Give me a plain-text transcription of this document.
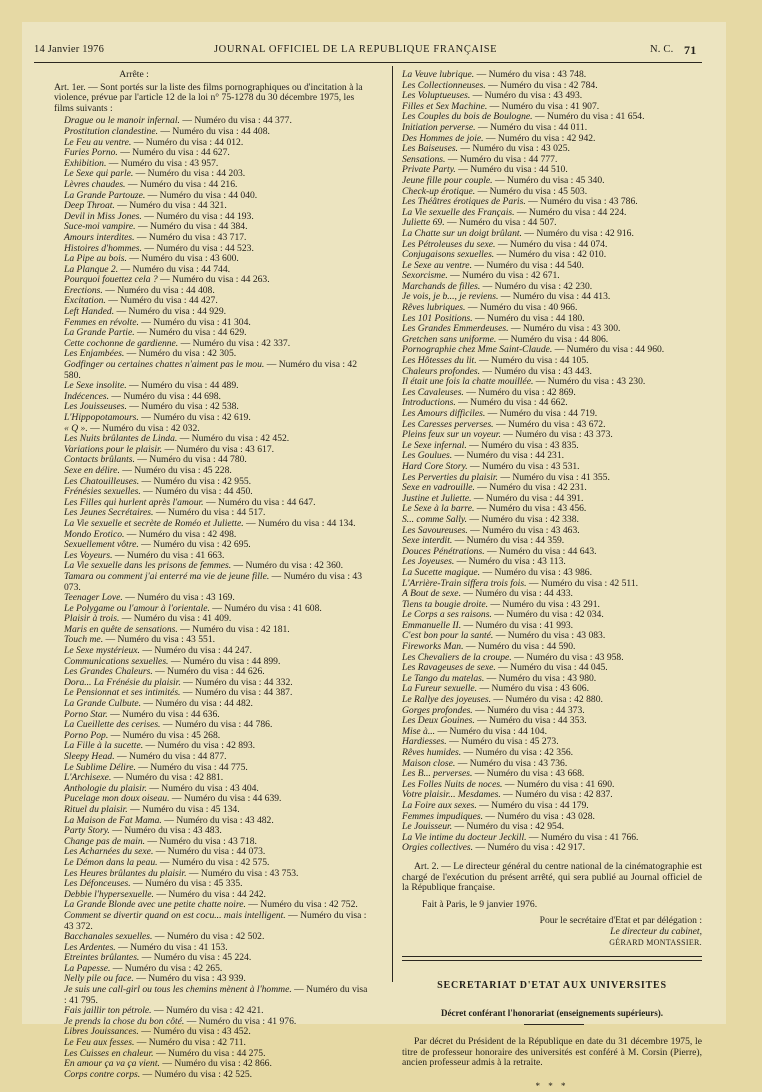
14 Janvier 1976	JOURNAL OFFICIEL DE LA REPUBLIQUE FRANÇAISE	N. C. 71
Arrête :
Art. 1er. — Sont portés sur la liste des films pornographiques ou d'incitation à la violence, prévue par l'article 12 de la loi n° 75-1278 du 30 décembre 1975, les films suivants :
Drague ou le manoir infernal. — Numéro du visa : 44 377.
Prostitution clandestine. — Numéro du visa : 44 408.
Le Feu au ventre. — Numéro du visa : 44 012.
Furies Porno. — Numéro du visa : 44 627.
Exhibition. — Numéro du visa : 43 957.
Le Sexe qui parle. — Numéro du visa : 44 203.
Lèvres chaudes. — Numéro du visa : 44 216.
La Grande Partouze. — Numéro du visa : 44 040.
Deep Throat. — Numéro du visa : 44 321.
Devil in Miss Jones. — Numéro du visa : 44 193.
Suce-moi vampire. — Numéro du visa : 44 384.
Amours interdites. — Numéro du visa : 43 717.
Histoires d'hommes. — Numéro du visa : 44 523.
La Pipe au bois. — Numéro du visa : 43 600.
La Planque 2. — Numéro du visa : 44 744.
Pourquoi fouettez cela ? — Numéro du visa : 44 263.
Erections. — Numéro du visa : 44 408.
Excitation. — Numéro du visa : 44 427.
Left Handed. — Numéro du visa : 44 929.
Femmes en révolte. — Numéro du visa : 41 304.
La Grande Partie. — Numéro du visa : 44 629.
Cette cochonne de gardienne. — Numéro du visa : 42 337.
Les Enjambées. — Numéro du visa : 42 305.
Godfinger ou certaines chattes n'aiment pas le mou. — Numéro du visa : 42 580.
Le Sexe insolite. — Numéro du visa : 44 489.
Indécences. — Numéro du visa : 44 698.
Les Jouisseuses. — Numéro du visa : 42 538.
L'Hippopotamours. — Numéro du visa : 42 619.
« Q ». — Numéro du visa : 42 032.
Les Nuits brûlantes de Linda. — Numéro du visa : 42 452.
Variations pour le plaisir. — Numéro du visa : 43 617.
Contacts brûlants. — Numéro du visa : 44 780.
Sexe en délire. — Numéro du visa : 45 228.
Les Chatouilleuses. — Numéro du visa : 42 955.
Frénésies sexuelles. — Numéro du visa : 44 450.
Les Filles qui hurlent après l'amour. — Numéro du visa : 44 647.
Les Jeunes Secrétaires. — Numéro du visa : 44 517.
La Vie sexuelle et secrète de Roméo et Juliette. — Numéro du visa : 44 134.
Mondo Erotico. — Numéro du visa : 42 498.
Sexuellement vôtre. — Numéro du visa : 42 695.
Les Voyeurs. — Numéro du visa : 41 663.
La Vie sexuelle dans les prisons de femmes. — Numéro du visa : 42 360.
Tamara ou comment j'ai enterré ma vie de jeune fille. — Numéro du visa : 43 073.
Teenager Love. — Numéro du visa : 43 169.
Le Polygame ou l'amour à l'orientale. — Numéro du visa : 41 608.
Plaisir à trois. — Numéro du visa : 41 409.
Maris en quête de sensations. — Numéro du visa : 42 181.
Touch me. — Numéro du visa : 43 551.
Le Sexe mystérieux. — Numéro du visa : 44 247.
Communications sexuelles. — Numéro du visa : 44 899.
Les Grandes Chaleurs. — Numéro du visa : 44 626.
Dora... La Frénésie du plaisir. — Numéro du visa : 44 332.
Le Pensionnat et ses intimités. — Numéro du visa : 44 387.
La Grande Culbute. — Numéro du visa : 44 482.
Porno Star. — Numéro du visa : 44 636.
La Cueillette des cerises. — Numéro du visa : 44 786.
Porno Pop. — Numéro du visa : 45 268.
La Fille à la sucette. — Numéro du visa : 42 893.
Sleepy Head. — Numéro du visa : 44 877.
Le Sublime Délire. — Numéro du visa : 44 775.
L'Archisexe. — Numéro du visa : 42 881.
Anthologie du plaisir. — Numéro du visa : 43 404.
Pucelage mon doux oiseau. — Numéro du visa : 44 639.
Rituel du plaisir. — Numéro du visa : 45 134.
La Maison de Fat Mama. — Numéro du visa : 43 482.
Party Story. — Numéro du visa : 43 483.
Change pas de main. — Numéro du visa : 43 718.
Les Acharnées du sexe. — Numéro du visa : 44 073.
Le Démon dans la peau. — Numéro du visa : 42 575.
Les Heures brûlantes du plaisir. — Numéro du visa : 43 753.
Les Défonceuses. — Numéro du visa : 45 335.
Debbie l'hypersexuelle. — Numéro du visa : 44 242.
La Grande Blonde avec une petite chatte noire. — Numéro du visa : 42 752.
Comment se divertir quand on est cocu... mais intelligent. — Numéro du visa : 43 372.
Bacchanales sexuelles. — Numéro du visa : 42 502.
Les Ardentes. — Numéro du visa : 41 153.
Etreintes brûlantes. — Numéro du visa : 45 224.
La Papesse. — Numéro du visa : 42 265.
Nelly pile ou face. — Numéro du visa : 43 939.
Je suis une call-girl ou tous les chemins mènent à l'homme. — Numéro du visa : 41 795.
Fais jaillir ton pétrole. — Numéro du visa : 42 421.
Je prends la chose du bon côté. — Numéro du visa : 41 976.
Libres Jouissances. — Numéro du visa : 43 452.
Le Feu aux fesses. — Numéro du visa : 42 711.
Les Cuisses en chaleur. — Numéro du visa : 44 275.
En amour ça va ça vient. — Numéro du visa : 42 866.
Corps contre corps. — Numéro du visa : 42 525.
La Veuve lubrique. — Numéro du visa : 43 748.
Les Collectionneuses. — Numéro du visa : 42 784.
Les Voluptueuses. — Numéro du visa : 43 493.
Filles et Sex Machine. — Numéro du visa : 41 907.
Les Couples du bois de Boulogne. — Numéro du visa : 41 654.
Initiation perverse. — Numéro du visa : 44 011.
Des Hommes de joie. — Numéro du visa : 42 942.
Les Baiseuses. — Numéro du visa : 43 025.
Sensations. — Numéro du visa : 44 777.
Private Party. — Numéro du visa : 44 510.
Jeune fille pour couple. — Numéro du visa : 45 340.
Check-up érotique. — Numéro du visa : 45 503.
Les Théâtres érotiques de Paris. — Numéro du visa : 43 786.
La Vie sexuelle des Français. — Numéro du visa : 44 224.
Juliette 69. — Numéro du visa : 44 507.
La Chatte sur un doigt brûlant. — Numéro du visa : 42 916.
Les Pétroleuses du sexe. — Numéro du visa : 44 074.
Conjugaisons sexuelles. — Numéro du visa : 42 010.
Le Sexe au ventre. — Numéro du visa : 44 540.
Sexorcisme. — Numéro du visa : 42 671.
Marchands de filles. — Numéro du visa : 42 230.
Je vois, je b..., je reviens. — Numéro du visa : 44 413.
Rêves lubriques. — Numéro du visa : 40 966.
Les 101 Positions. — Numéro du visa : 44 180.
Les Grandes Emmerdeuses. — Numéro du visa : 43 300.
Gretchen sans uniforme. — Numéro du visa : 44 806.
Pornographie chez Mme Saint-Claude. — Numéro du visa : 44 960.
Les Hôtesses du lit. — Numéro du visa : 44 105.
Chaleurs profondes. — Numéro du visa : 43 443.
Il était une fois la chatte mouillée. — Numéro du visa : 43 230.
Les Cavaleuses. — Numéro du visa : 42 869.
Introductions. — Numéro du visa : 44 662.
Les Amours difficiles. — Numéro du visa : 44 719.
Les Caresses perverses. — Numéro du visa : 43 672.
Pleins feux sur un voyeur. — Numéro du visa : 43 373.
Le Sexe infernal. — Numéro du visa : 43 835.
Les Goulues. — Numéro du visa : 44 231.
Hard Core Story. — Numéro du visa : 43 531.
Les Perverties du plaisir. — Numéro du visa : 41 355.
Sexe en vadrouille. — Numéro du visa : 42 231.
Justine et Juliette. — Numéro du visa : 44 391.
Le Sexe à la barre. — Numéro du visa : 43 456.
S... comme Sally. — Numéro du visa : 42 338.
Les Savoureuses. — Numéro du visa : 43 463.
Sexe interdit. — Numéro du visa : 44 359.
Douces Pénétrations. — Numéro du visa : 44 643.
Les Joyeuses. — Numéro du visa : 43 113.
La Sucette magique. — Numéro du visa : 43 986.
L'Arrière-Train siffera trois fois. — Numéro du visa : 42 511.
A Bout de sexe. — Numéro du visa : 44 433.
Tiens ta bougie droite. — Numéro du visa : 43 291.
Le Corps a ses raisons. — Numéro du visa : 42 034.
Emmanuelle II. — Numéro du visa : 41 993.
C'est bon pour la santé. — Numéro du visa : 43 083.
Fireworks Man. — Numéro du visa : 44 590.
Les Chevaliers de la croupe. — Numéro du visa : 43 958.
Les Ravageuses de sexe. — Numéro du visa : 44 045.
Le Tango du matelas. — Numéro du visa : 43 980.
La Fureur sexuelle. — Numéro du visa : 43 606.
Le Rallye des joyeuses. — Numéro du visa : 42 880.
Gorges profondes. — Numéro du visa : 44 373.
Les Deux Gouines. — Numéro du visa : 44 353.
Mise à... — Numéro du visa : 44 104.
Hardiesses. — Numéro du visa : 45 273.
Rêves humides. — Numéro du visa : 42 356.
Maison close. — Numéro du visa : 43 736.
Les B... perverses. — Numéro du visa : 43 668.
Les Folles Nuits de noces. — Numéro du visa : 41 690.
Votre plaisir... Mesdames. — Numéro du visa : 42 837.
La Foire aux sexes. — Numéro du visa : 44 179.
Femmes impudiques. — Numéro du visa : 43 028.
Le Jouisseur. — Numéro du visa : 42 954.
La Vie intime du docteur Jeckill. — Numéro du visa : 41 766.
Orgies collectives. — Numéro du visa : 42 917.
Art. 2. — Le directeur général du centre national de la cinématographie est chargé de l'exécution du présent arrêté, qui sera publié au Journal officiel de la République française.
Fait à Paris, le 9 janvier 1976.
Pour le secrétaire d'Etat et par délégation :
Le directeur du cabinet,
GÉRARD MONTASSIER.
SECRETARIAT D'ETAT AUX UNIVERSITES
Décret conférant l'honorariat (enseignements supérieurs).
Par décret du Président de la République en date du 31 décembre 1975, le titre de professeur honoraire des universités est conféré à M. Corsin (Pierre), ancien professeur admis à la retraite.
* * *
